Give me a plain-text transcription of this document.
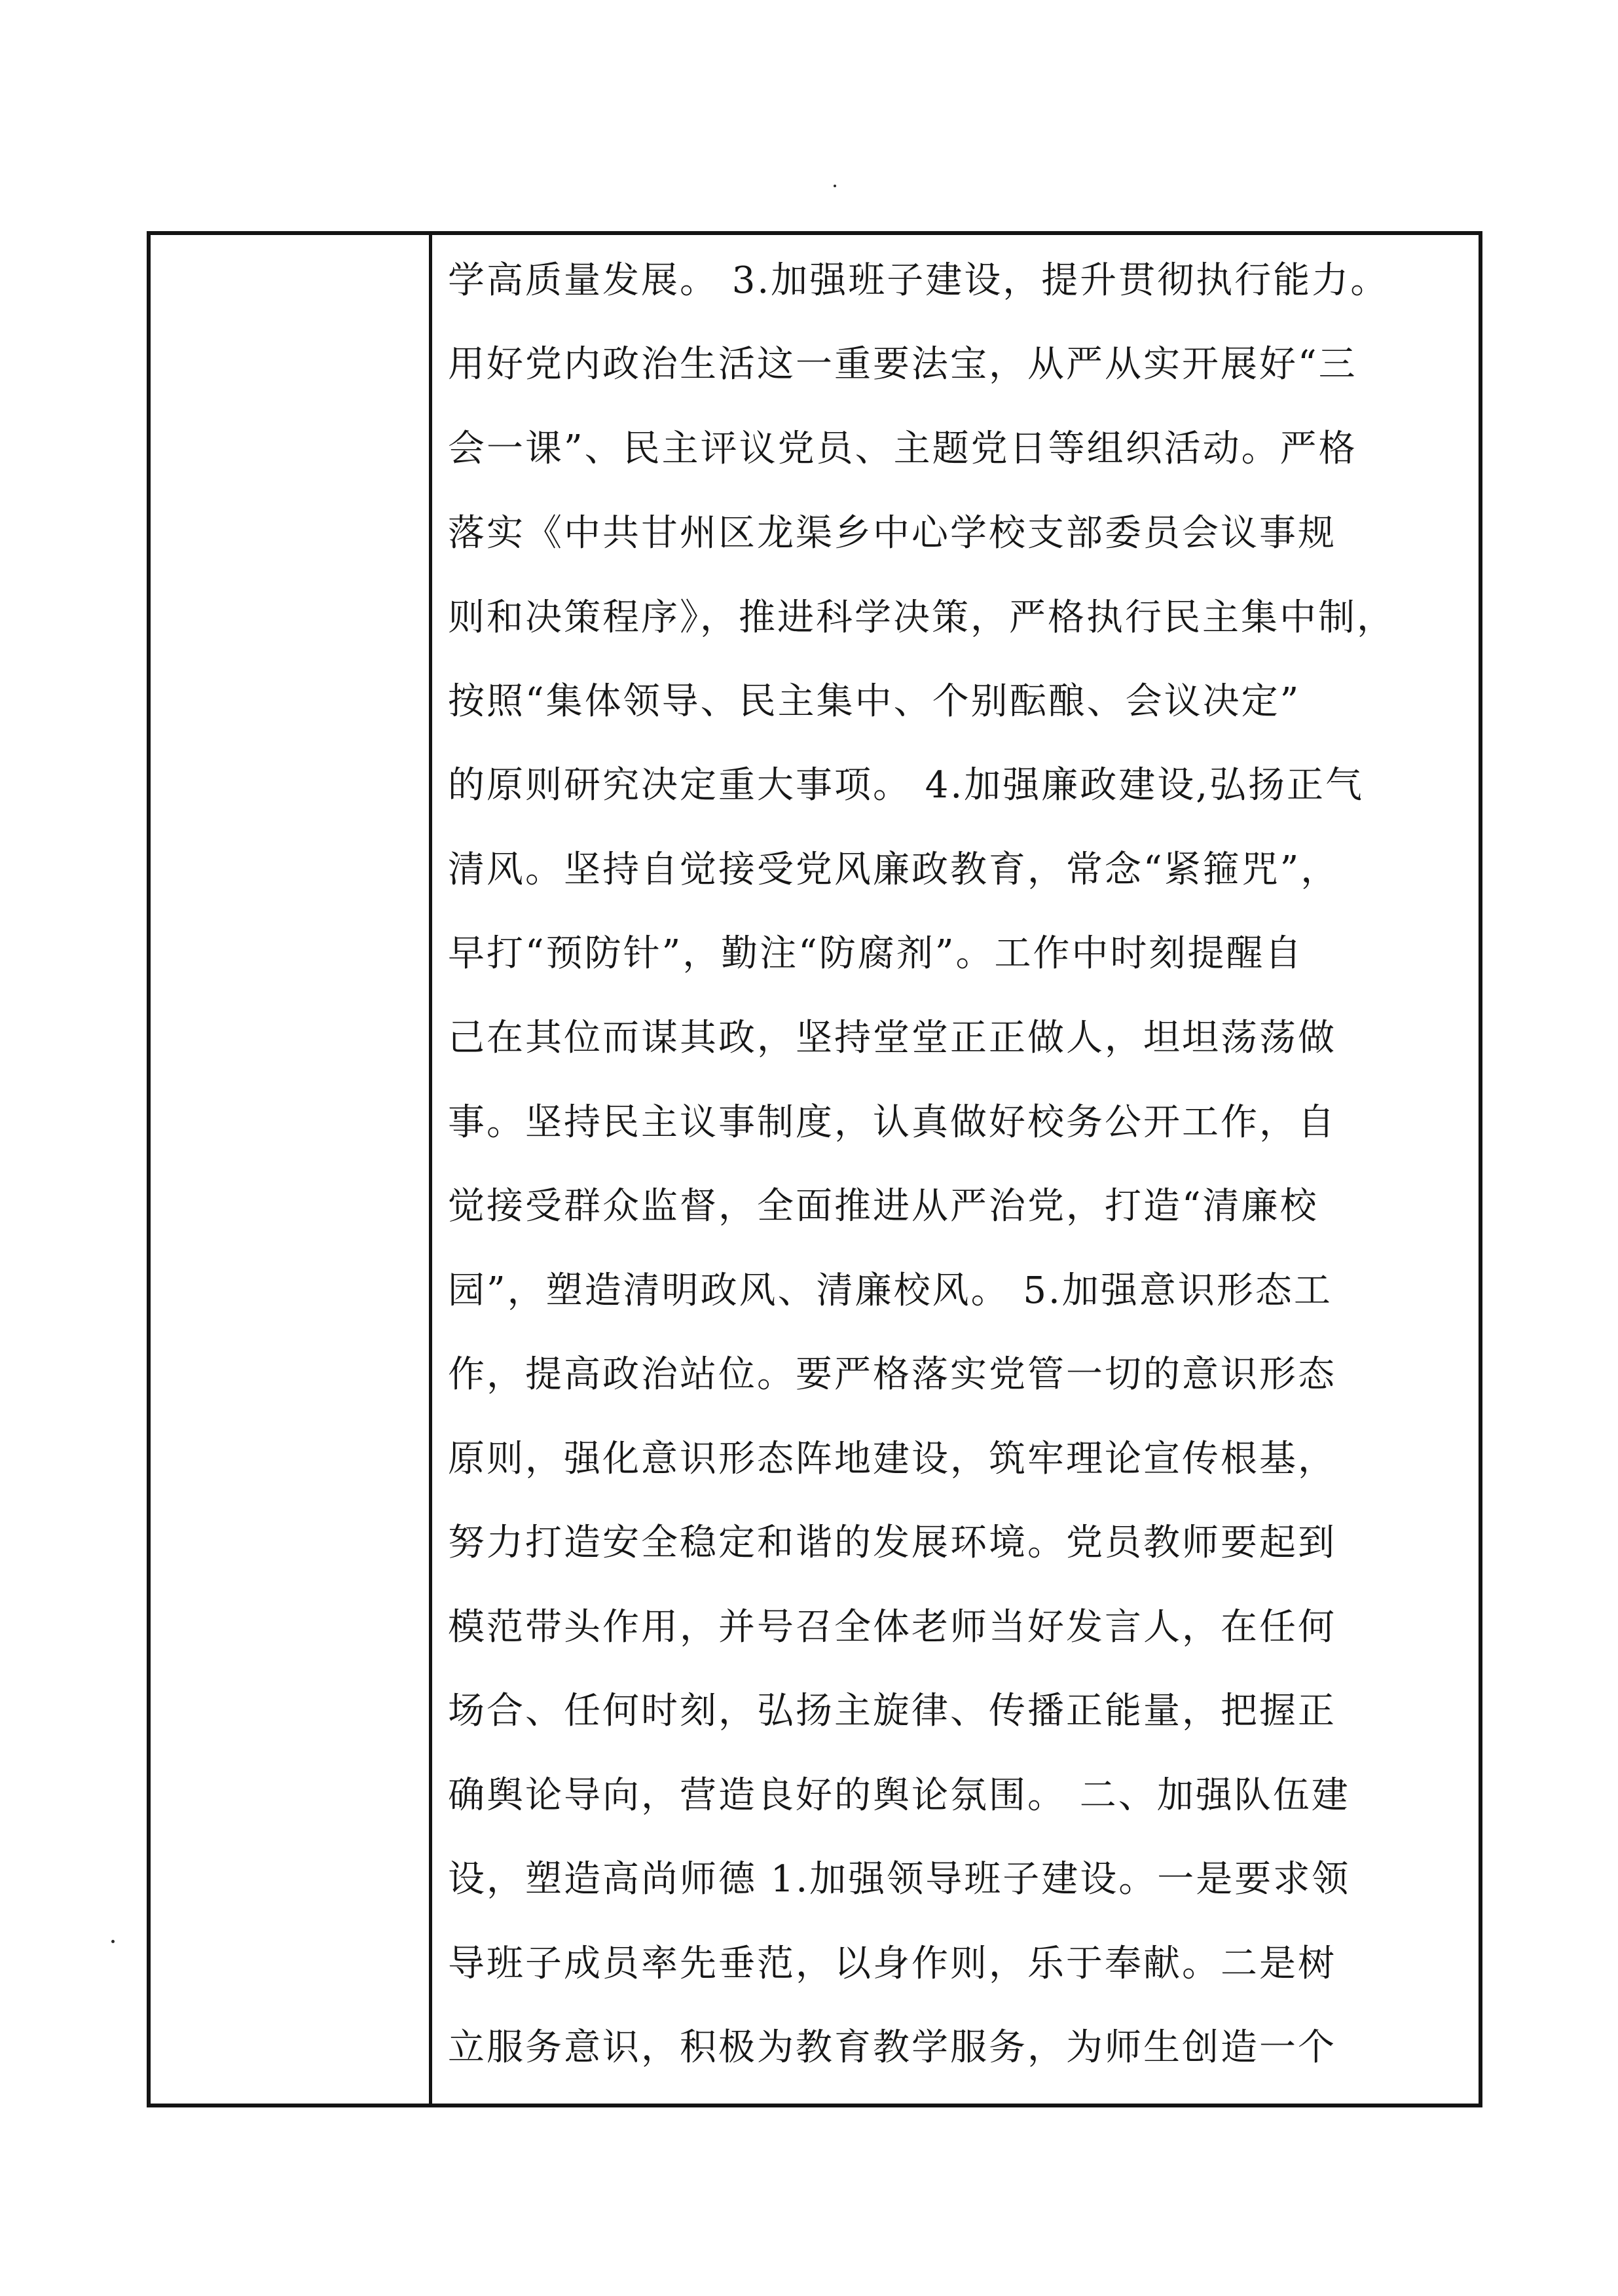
学高质量发展。 3.加强班子建设，提升贯彻执行能力。
用好党内政治生活这一重要法宝，从严从实开展好“三
会一课”、民主评议党员、主题党日等组织活动。严格
落实《中共甘州区龙渠乡中心学校支部委员会议事规
则和决策程序》，推进科学决策，严格执行民主集中制，
按照“集体领导、民主集中、个别酝酿、会议决定”
的原则研究决定重大事项。 4.加强廉政建设,弘扬正气
清风。坚持自觉接受党风廉政教育，常念“紧箍咒”，
早打“预防针”，勤注“防腐剂”。工作中时刻提醒自
己在其位而谋其政，坚持堂堂正正做人，坦坦荡荡做
事。坚持民主议事制度，认真做好校务公开工作，自
觉接受群众监督，全面推进从严治党，打造“清廉校
园”，塑造清明政风、清廉校风。 5.加强意识形态工
作，提高政治站位。要严格落实党管一切的意识形态
原则，强化意识形态阵地建设，筑牢理论宣传根基，
努力打造安全稳定和谐的发展环境。党员教师要起到
模范带头作用，并号召全体老师当好发言人，在任何
场合、任何时刻，弘扬主旋律、传播正能量，把握正
确舆论导向，营造良好的舆论氛围。 二、加强队伍建
设，塑造高尚师德 1.加强领导班子建设。一是要求领
导班子成员率先垂范，以身作则，乐于奉献。二是树
立服务意识，积极为教育教学服务，为师生创造一个
